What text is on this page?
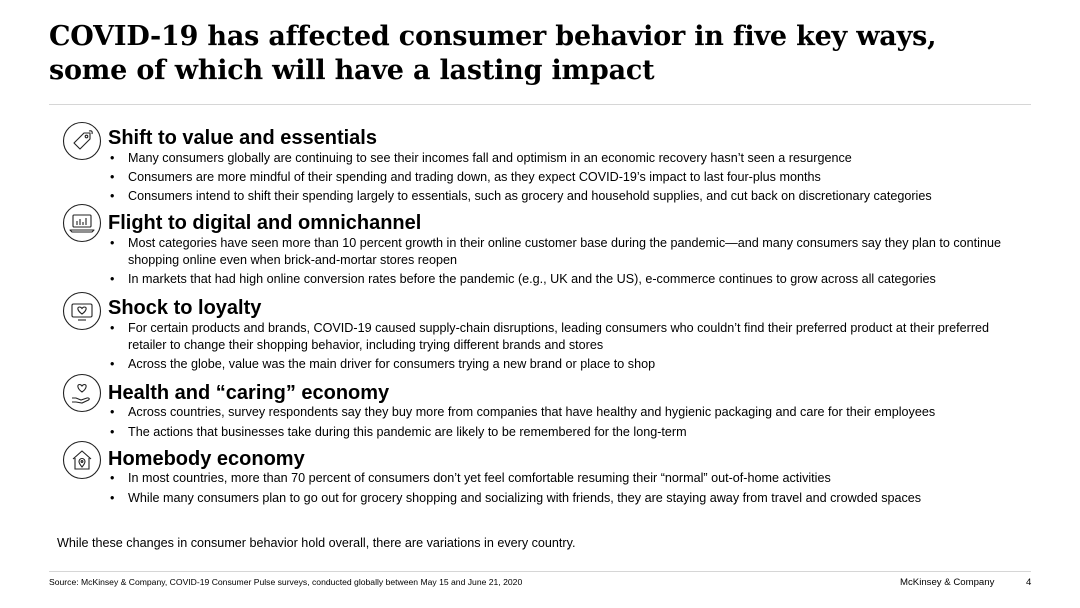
COVID-19 has affected consumer behavior in five key ways,
some of which will have a lasting impact
Shift to value and essentials
• Many consumers globally are continuing to see their incomes fall and optimism in an economic recovery hasn’t seen a resurgence
• Consumers are more mindful of their spending and trading down, as they expect COVID-19’s impact to last four-plus months
• Consumers intend to shift their spending largely to essentials, such as grocery and household supplies, and cut back on discretionary categories
Flight to digital and omnichannel
• Most categories have seen more than 10 percent growth in their online customer base during the pandemic—and many consumers say they plan to continue shopping online even when brick-and-mortar stores reopen
• In markets that had high online conversion rates before the pandemic (e.g., UK and the US), e-commerce continues to grow across all categories
Shock to loyalty
• For certain products and brands, COVID-19 caused supply-chain disruptions, leading consumers who couldn’t find their preferred product at their preferred retailer to change their shopping behavior, including trying different brands and stores
• Across the globe, value was the main driver for consumers trying a new brand or place to shop
Health and “caring” economy
• Across countries, survey respondents say they buy more from companies that have healthy and hygienic packaging and care for their employees
• The actions that businesses take during this pandemic are likely to be remembered for the long-term
Homebody economy
• In most countries, more than 70 percent of consumers don’t yet feel comfortable resuming their “normal” out-of-home activities
• While many consumers plan to go out for grocery shopping and socializing with friends, they are staying away from travel and crowded spaces
While these changes in consumer behavior hold overall, there are variations in every country.
Source: McKinsey & Company, COVID-19 Consumer Pulse surveys, conducted globally between May 15 and June 21, 2020	McKinsey & Company	4
